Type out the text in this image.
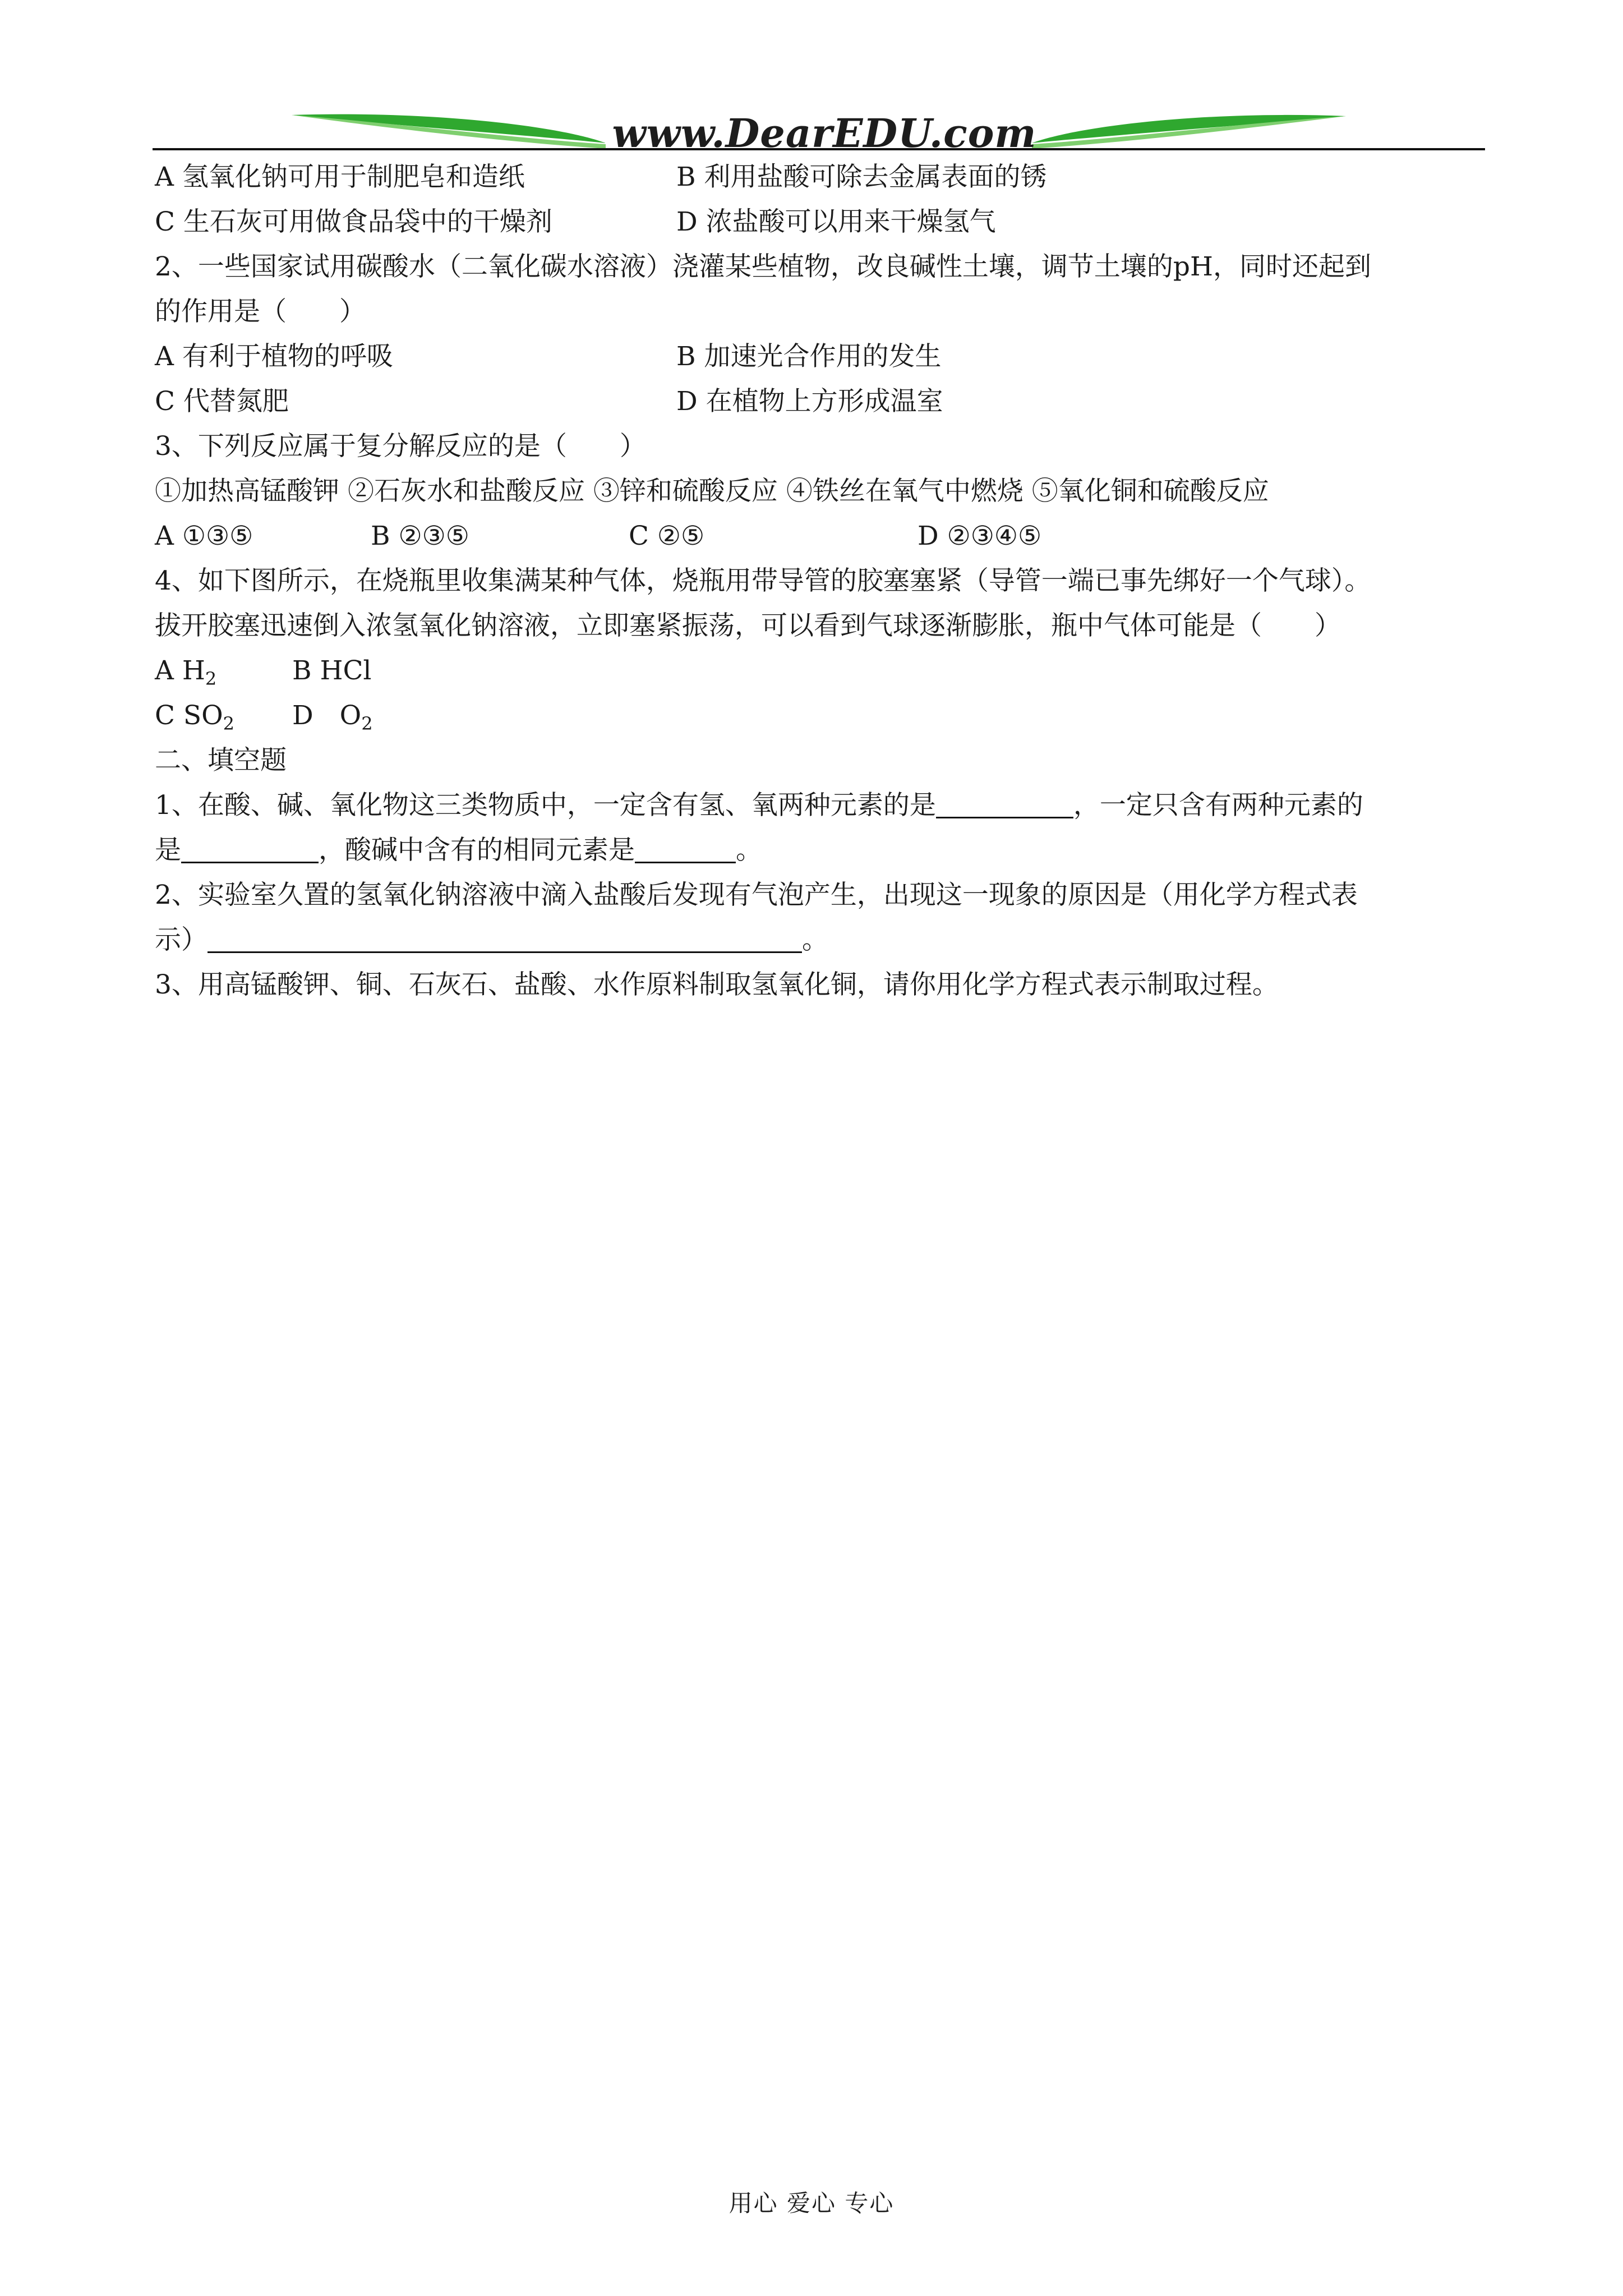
www.DearEDU.com
A 氢氧化钠可用于制肥皂和造纸	B 利用盐酸可除去金属表面的锈
C 生石灰可用做食品袋中的干燥剂	D 浓盐酸可以用来干燥氢气
2、一些国家试用碳酸水（二氧化碳水溶液）浇灌某些植物，改良碱性土壤，调节土壤的pH，同时还起到
的作用是（　　）
A 有利于植物的呼吸	B 加速光合作用的发生
C 代替氮肥	D 在植物上方形成温室
3、下列反应属于复分解反应的是（　　）
①加热高锰酸钾 ②石灰水和盐酸反应 ③锌和硫酸反应 ④铁丝在氧气中燃烧 ⑤氧化铜和硫酸反应
A ①③⑤	B ②③⑤	C ②⑤	D ②③④⑤
4、如下图所示，在烧瓶里收集满某种气体，烧瓶用带导管的胶塞塞紧（导管一端已事先绑好一个气球）。
拔开胶塞迅速倒入浓氢氧化钠溶液，立即塞紧振荡，可以看到气球逐渐膨胀，瓶中气体可能是（　　）
A $H_2$	B HCl
C $SO_2$ D　$O_2$
二、填空题
1、在酸、碱、氧化物这三类物质中，一定含有氢、氧两种元素的是	，一定只含有两种元素的
是	，酸碱中含有的相同元素是	。
2、实验室久置的氢氧化钠溶液中滴入盐酸后发现有气泡产生，出现这一现象的原因是（用化学方程式表
示）	。
3、用高锰酸钾、铜、石灰石、盐酸、水作原料制取氢氧化铜，请你用化学方程式表示制取过程。
用心 爱心 专心
